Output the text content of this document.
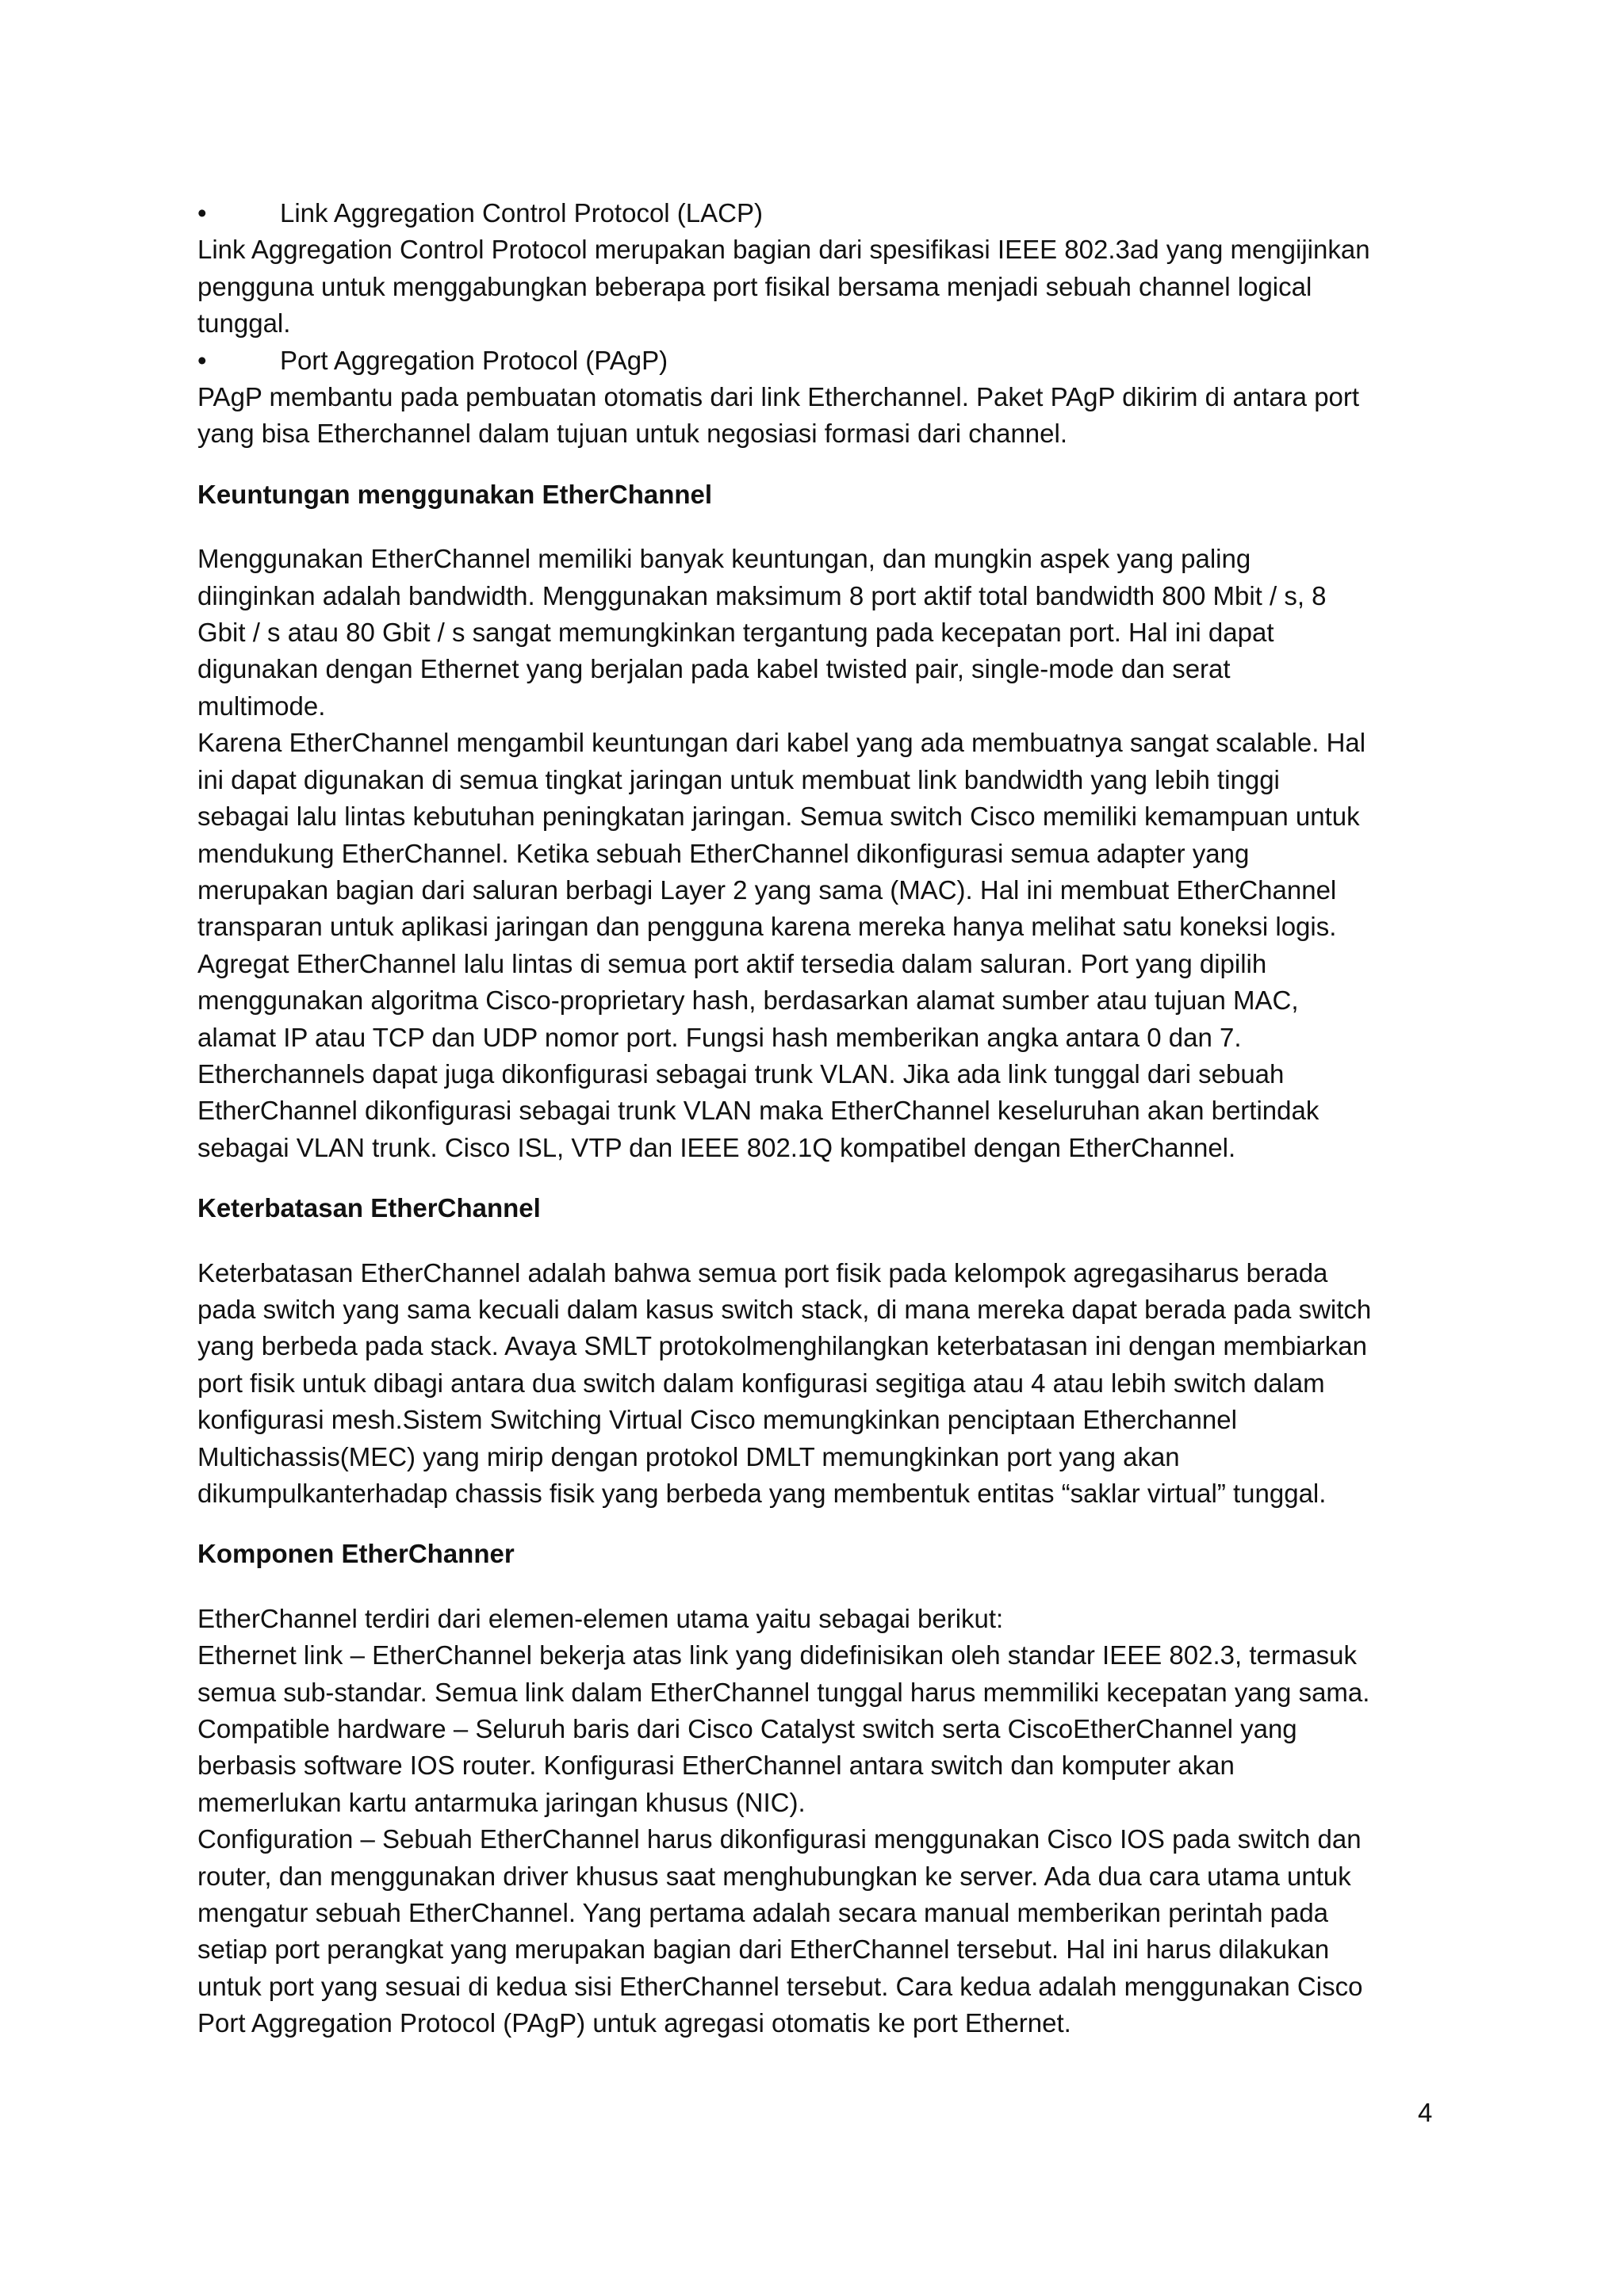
•	Link Aggregation Control Protocol (LACP)
Link Aggregation Control Protocol merupakan bagian dari spesifikasi IEEE 802.3ad yang mengijinkan
pengguna untuk menggabungkan beberapa port fisikal bersama menjadi sebuah channel logical
tunggal.
•	Port Aggregation Protocol (PAgP)
PAgP membantu pada pembuatan otomatis dari link Etherchannel. Paket PAgP dikirim di antara port
yang bisa Etherchannel dalam tujuan untuk negosiasi formasi dari channel.
Keuntungan menggunakan EtherChannel
Menggunakan EtherChannel memiliki banyak keuntungan, dan mungkin aspek yang paling
diinginkan adalah bandwidth. Menggunakan maksimum 8 port aktif total bandwidth 800 Mbit / s, 8
Gbit / s atau 80 Gbit / s sangat memungkinkan tergantung pada kecepatan port. Hal ini dapat
digunakan dengan Ethernet yang berjalan pada kabel twisted pair, single-mode dan serat
multimode.
Karena EtherChannel mengambil keuntungan dari kabel yang ada membuatnya sangat scalable. Hal
ini dapat digunakan di semua tingkat jaringan untuk membuat link bandwidth yang lebih tinggi
sebagai lalu lintas kebutuhan peningkatan jaringan. Semua switch Cisco memiliki kemampuan untuk
mendukung EtherChannel. Ketika sebuah EtherChannel dikonfigurasi semua adapter yang
merupakan bagian dari saluran berbagi Layer 2 yang sama (MAC). Hal ini membuat EtherChannel
transparan untuk aplikasi jaringan dan pengguna karena mereka hanya melihat satu koneksi logis.
Agregat EtherChannel lalu lintas di semua port aktif tersedia dalam saluran. Port yang dipilih
menggunakan algoritma Cisco-proprietary hash, berdasarkan alamat sumber atau tujuan MAC,
alamat IP atau TCP dan UDP nomor port. Fungsi hash memberikan angka antara 0 dan 7.
Etherchannels dapat juga dikonfigurasi sebagai trunk VLAN. Jika ada link tunggal dari sebuah
EtherChannel dikonfigurasi sebagai trunk VLAN maka EtherChannel keseluruhan akan bertindak
sebagai VLAN trunk. Cisco ISL, VTP dan IEEE 802.1Q kompatibel dengan EtherChannel.
Keterbatasan EtherChannel
Keterbatasan EtherChannel adalah bahwa semua port fisik pada kelompok agregasiharus berada
pada switch yang sama kecuali dalam kasus switch stack, di mana mereka dapat berada pada switch
yang berbeda pada stack. Avaya SMLT protokolmenghilangkan keterbatasan ini dengan membiarkan
port fisik untuk dibagi antara dua switch dalam konfigurasi segitiga atau 4 atau lebih switch dalam
konfigurasi mesh.Sistem Switching Virtual Cisco memungkinkan penciptaan Etherchannel
Multichassis(MEC) yang mirip dengan protokol DMLT memungkinkan port yang akan
dikumpulkanterhadap chassis fisik yang berbeda yang membentuk entitas “saklar virtual” tunggal.
Komponen EtherChanner
EtherChannel terdiri dari elemen-elemen utama yaitu sebagai berikut:
Ethernet link – EtherChannel bekerja atas link yang didefinisikan oleh standar IEEE 802.3, termasuk
semua sub-standar. Semua link dalam EtherChannel tunggal harus memmiliki kecepatan yang sama.
Compatible hardware – Seluruh baris dari Cisco Catalyst switch serta CiscoEtherChannel yang
berbasis software IOS router. Konfigurasi EtherChannel antara switch dan komputer akan
memerlukan kartu antarmuka jaringan khusus (NIC).
Configuration – Sebuah EtherChannel harus dikonfigurasi menggunakan Cisco IOS pada switch dan
router, dan menggunakan driver khusus saat menghubungkan ke server. Ada dua cara utama untuk
mengatur sebuah EtherChannel. Yang pertama adalah secara manual memberikan perintah pada
setiap port perangkat yang merupakan bagian dari EtherChannel tersebut. Hal ini harus dilakukan
untuk port yang sesuai di kedua sisi EtherChannel tersebut. Cara kedua adalah menggunakan Cisco
Port Aggregation Protocol (PAgP) untuk agregasi otomatis ke port Ethernet.
4
